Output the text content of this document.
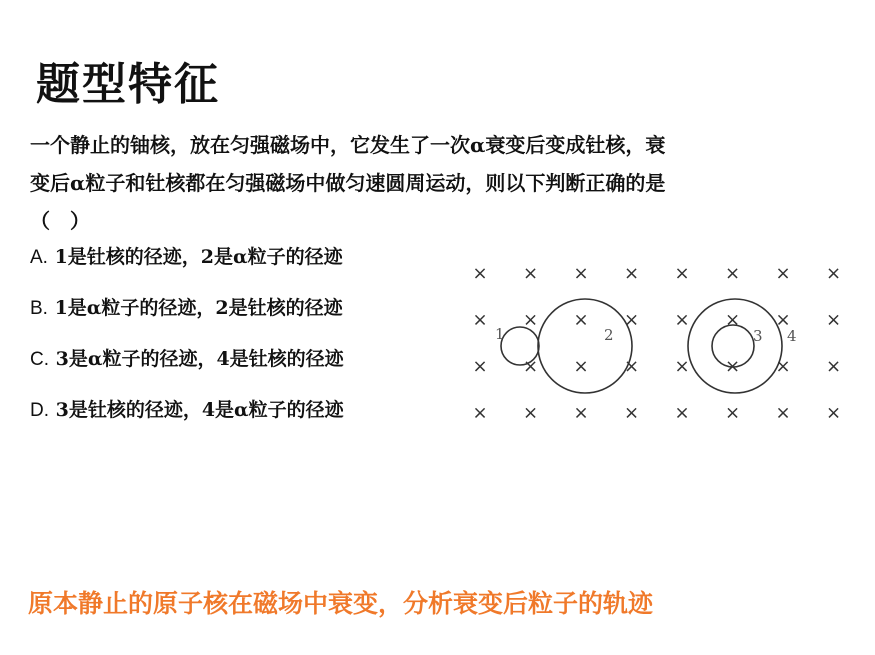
题型特征
一个静止的铀核，放在匀强磁场中，它发生了一次α衰变后变成钍核，衰
变后α粒子和钍核都在匀强磁场中做匀速圆周运动，则以下判断正确的是
（　）
A. 1是钍核的径迹，2是α粒子的径迹
B. 1是α粒子的径迹，2是钍核的径迹
C. 3是α粒子的径迹，4是钍核的径迹
D. 3是钍核的径迹，4是α粒子的径迹
× × × × × × × ×
× × × × × × × ×
× × × × × × × ×
× × × × × × × ×
1	2	3 4
原本静止的原子核在磁场中衰变，分析衰变后粒子的轨迹
